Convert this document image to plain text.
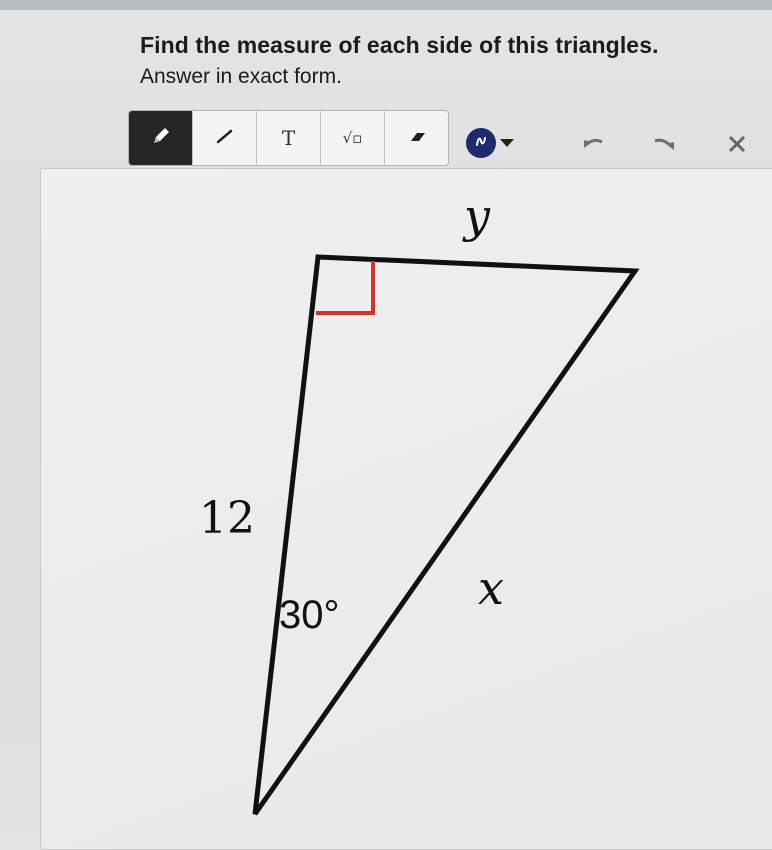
Find the measure of each side of this triangles.
Answer in exact form.
T	√▫
y
x
12
30°
